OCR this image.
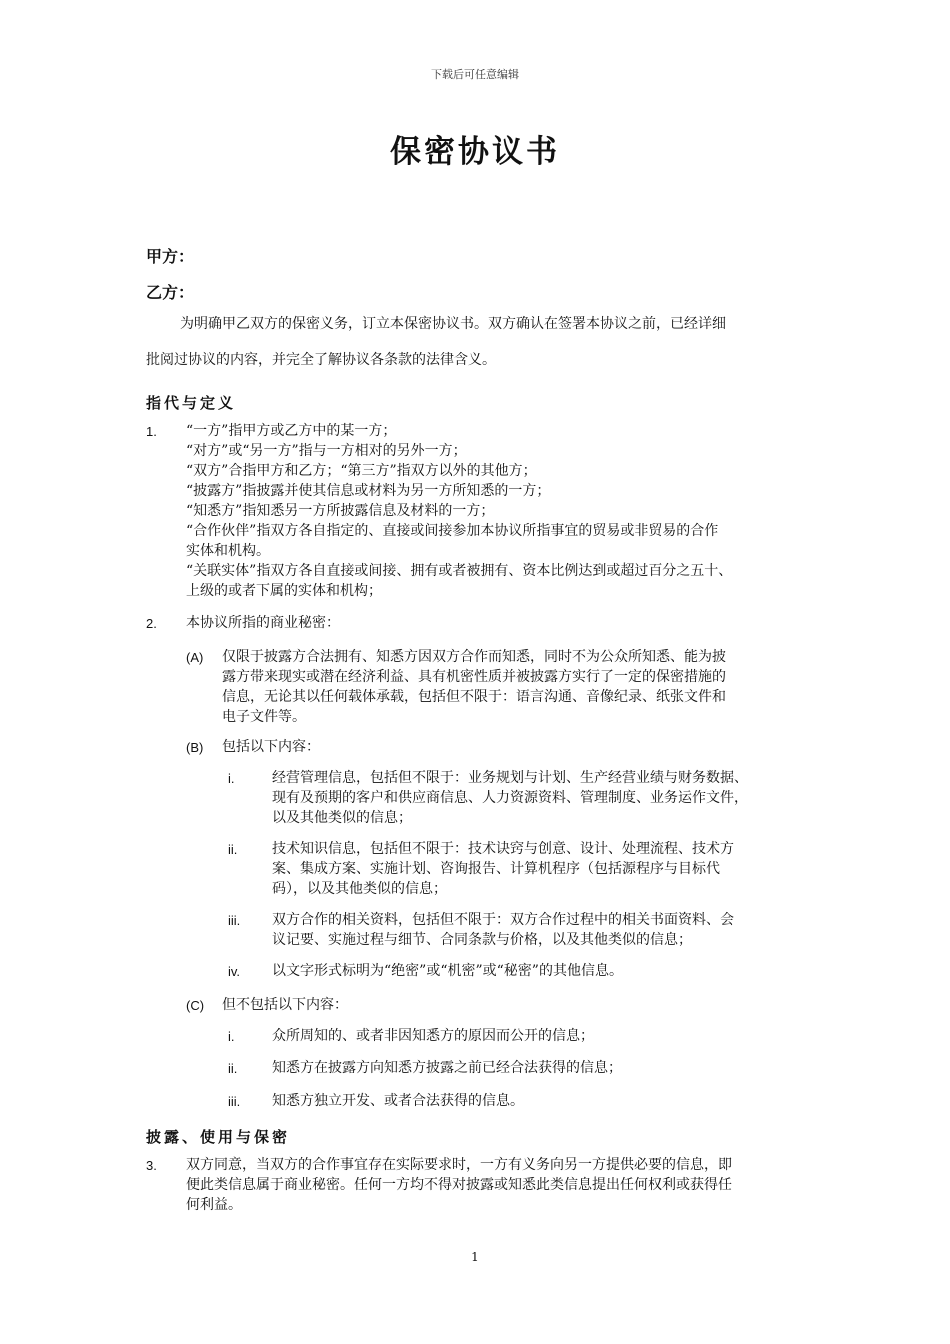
下载后可任意编辑
保密协议书
甲方：
乙方：
为明确甲乙双方的保密义务，订立本保密协议书。双方确认在签署本协议之前，已经详细
批阅过协议的内容，并完全了解协议各条款的法律含义。
指代与定义
1. “一方”指甲方或乙方中的某一方；
“对方”或“另一方”指与一方相对的另外一方；
“双方”合指甲方和乙方；“第三方”指双方以外的其他方；
“披露方”指披露并使其信息或材料为另一方所知悉的一方；
“知悉方”指知悉另一方所披露信息及材料的一方；
“合作伙伴”指双方各自指定的、直接或间接参加本协议所指事宜的贸易或非贸易的合作
实体和机构。
“关联实体”指双方各自直接或间接、拥有或者被拥有、资本比例达到或超过百分之五十、
上级的或者下属的实体和机构；
2. 本协议所指的商业秘密：
(A) 仅限于披露方合法拥有、知悉方因双方合作而知悉，同时不为公众所知悉、能为披
露方带来现实或潜在经济利益、具有机密性质并被披露方实行了一定的保密措施的
信息，无论其以任何载体承载，包括但不限于：语言沟通、音像纪录、纸张文件和
电子文件等。
(B) 包括以下内容：
i.	经营管理信息，包括但不限于：业务规划与计划、生产经营业绩与财务数据、
现有及预期的客户和供应商信息、人力资源资料、管理制度、业务运作文件，
以及其他类似的信息；
ii. 技术知识信息，包括但不限于：技术诀窍与创意、设计、处理流程、技术方
案、集成方案、实施计划、咨询报告、计算机程序（包括源程序与目标代
码），以及其他类似的信息；
iii. 双方合作的相关资料，包括但不限于：双方合作过程中的相关书面资料、会
议记要、实施过程与细节、合同条款与价格，以及其他类似的信息；
iv. 以文字形式标明为“绝密”或“机密”或“秘密”的其他信息。
(C) 但不包括以下内容：
i.	众所周知的、或者非因知悉方的原因而公开的信息；
ii. 知悉方在披露方向知悉方披露之前已经合法获得的信息；
iii. 知悉方独立开发、或者合法获得的信息。
披露、使用与保密
3. 双方同意，当双方的合作事宜存在实际要求时，一方有义务向另一方提供必要的信息，即
便此类信息属于商业秘密。任何一方均不得对披露或知悉此类信息提出任何权利或获得任
何利益。
1
